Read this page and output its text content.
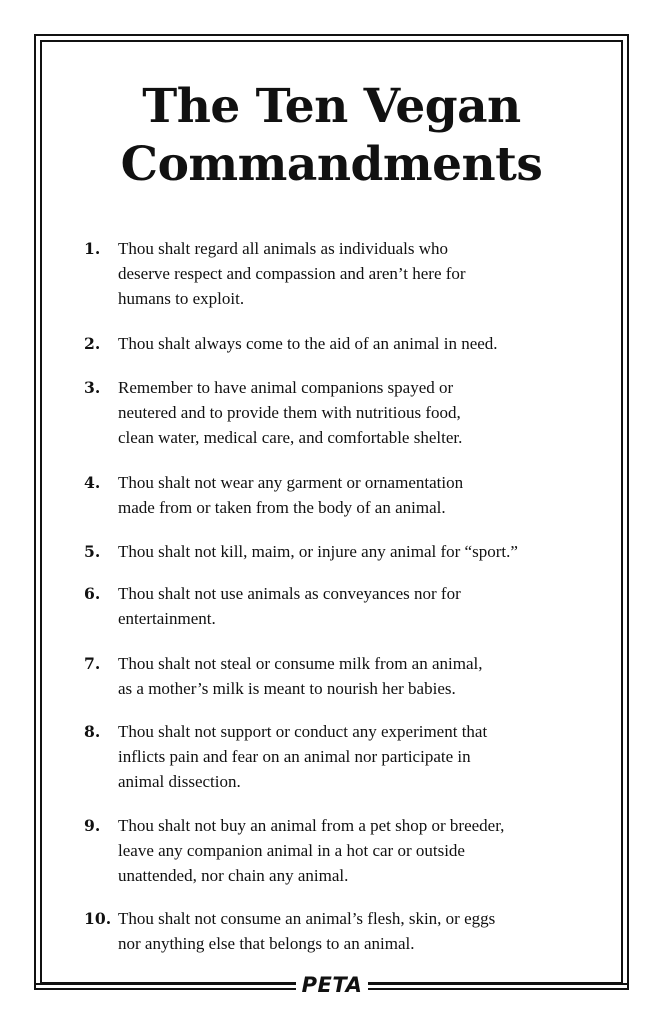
The Ten Vegan
Commandments
1.	Thou shalt regard all animals as individuals who
deserve respect and compassion and aren’t here for
humans to exploit.
2.	Thou shalt always come to the aid of an animal in need.
3.	Remember to have animal companions spayed or
neutered and to provide them with nutritious food,
clean water, medical care, and comfortable shelter.
4.	Thou shalt not wear any garment or ornamentation
made from or taken from the body of an animal.
5.	Thou shalt not kill, maim, or injure any animal for “sport.”
6.	Thou shalt not use animals as conveyances nor for
entertainment.
7.	Thou shalt not steal or consume milk from an animal,
as a mother’s milk is meant to nourish her babies.
8.	Thou shalt not support or conduct any experiment that
inflicts pain and fear on an animal nor participate in
animal dissection.
9.	Thou shalt not buy an animal from a pet shop or breeder,
leave any companion animal in a hot car or outside
unattended, nor chain any animal.
10. Thou shalt not consume an animal’s flesh, skin, or eggs
nor anything else that belongs to an animal.
PETA
